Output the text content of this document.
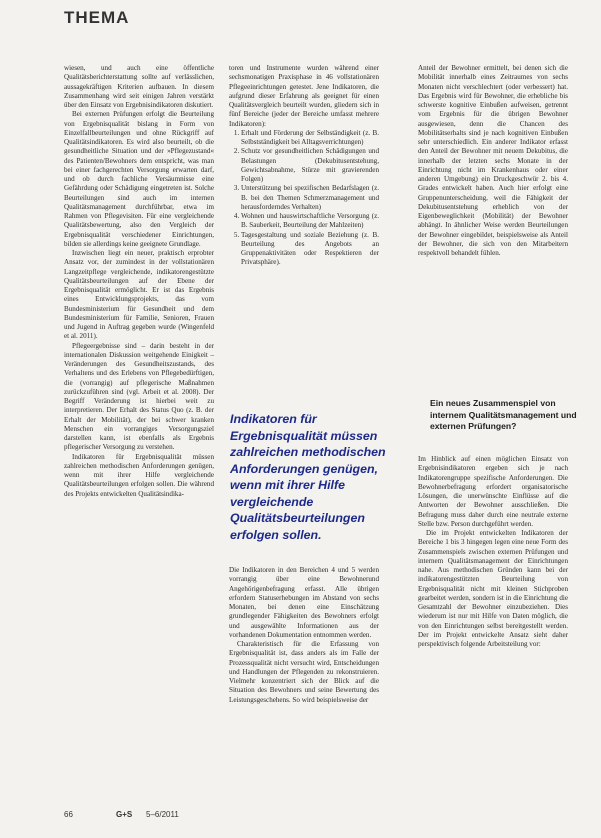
THEMA

wiesen, und auch eine öffentliche Qualitätsberichterstattung sollte auf verlässlichen, aussagekräftigen Kriterien aufbauen. In diesem Zusammenhang wird seit einigen Jahren verstärkt über den Einsatz von Ergebnisindikatoren diskutiert.

Bei externen Prüfungen erfolgt die Beurteilung von Ergebnisqualität bislang in Form von Einzelfallbeurteilungen und ohne Rückgriff auf Qualitätsindikatoren. Es wird also beurteilt, ob die gesundheitliche Situation und der »Pflegezustand« des Patienten/Bewohners dem entspricht, was man bei einer fachgerechten Versorgung erwarten darf, und ob durch fachliche Versäumnisse eine Gefährdung oder Schädigung eingetreten ist. Solche Beurteilungen sind auch im internen Qualitätsmanagement durchführbar, etwa im Rahmen von Pflegevisiten. Für eine vergleichende Qualitätsbewertung, also den Vergleich der Ergebnisqualität verschiedener Einrichtungen, bilden sie allerdings keine geeignete Grundlage.

Inzwischen liegt ein neuer, praktisch erprobter Ansatz vor, der zumindest in der vollstationären Langzeitpflege vergleichende, indikatorengestützte Qualitätsbeurteilungen auf der Ebene der Ergebnisqualität ermöglicht. Er ist das Ergebnis eines Entwicklungsprojekts, das vom Bundesministerium für Gesundheit und dem Bundesministerium für Familie, Senioren, Frauen und Jugend in Auftrag gegeben wurde (Wingenfeld et al. 2011).

Pflegeergebnisse sind – darin besteht in der internationalen Diskussion weitgehende Einigkeit – Veränderungen des Gesundheitszustands, des Verhaltens und des Erlebens von Pflegebedürftigen, die (vorrangig) auf pflegerische Maßnahmen zurückzuführen sind (vgl. Arbeit et al. 2008). Der Begriff Veränderung ist hierbei weit zu interpretieren. Der Erhalt des Status Quo (z. B. der Erhalt der Mobilität), der bei schwer kranken Menschen ein vorrangiges Versorgungsziel darstellen kann, ist ebenfalls als Ergebnis pflegerischer Versorgung zu verstehen.

Indikatoren für Ergebnisqualität müssen zahlreichen methodischen Anforderungen genügen, wenn mit ihrer Hilfe vergleichende Qualitätsbeurteilungen erfolgen sollen. Die während des Projekts entwickelten Qualitätsindika-

toren und Instrumente wurden während einer sechsmonatigen Praxisphase in 46 vollstationären Pflegeeinrichtungen getestet. Jene Indikatoren, die aufgrund dieser Erfahrung als geeignet für einen Qualitätsvergleich beurteilt wurden, gliedern sich in fünf Bereiche (jeder der Bereiche umfasst mehrere Indikatoren):

1. Erhalt und Förderung der Selbständigkeit (z. B. Selbstständigkeit bei Alltagsverrichtungen)
2. Schutz vor gesundheitlichen Schädigungen und Belastungen (Dekubitusentstehung, Gewichtsabnahme, Stürze mit gravierenden Folgen)
3. Unterstützung bei spezifischen Bedarfslagen (z. B. bei den Themen Schmerzmanagement und herausforderndes Verhalten)
4. Wohnen und hauswirtschaftliche Versorgung (z. B. Sauberkeit, Beurteilung der Mahlzeiten)
5. Tagesgestaltung und soziale Beziehung (z. B. Beurteilung des Angebots an Gruppenaktivitäten oder Respektieren der Privatsphäre).
Indikatoren für Ergebnisqualität müssen zahlreichen methodischen Anforderungen genügen, wenn mit ihrer Hilfe vergleichende Qualitätsbeurteilungen erfolgen sollen.

Die Indikatoren in den Bereichen 4 und 5 werden vorrangig über eine Bewohnerund Angehörigenbefragung erfasst. Alle übrigen erfordern Statuserhebungen im Abstand von sechs Monaten, bei denen eine Einschätzung grundlegender Fähigkeiten des Bewohners erfolgt und ausgewählte Informationen aus der vorhandenen Dokumentation entnommen werden.

Charakteristisch für die Erfassung von Ergebnisqualität ist, dass anders als im Falle der Prozessqualität nicht versucht wird, Entscheidungen und Handlungen der Pflegenden zu rekonstruieren. Vielmehr konzentriert sich der Blick auf die Situation des Bewohners und seine Bewertung des Leistungsgeschehens. So wird beispielsweise der

Anteil der Bewohner ermittelt, bei denen sich die Mobilität innerhalb eines Zeitraumes von sechs Monaten nicht verschlechtert (oder verbessert) hat. Das Ergebnis wird für Bewohner, die erhebliche bis schwerste kognitive Einbußen aufweisen, getrennt vom Ergebnis für die übrigen Bewohner ausgewiesen, denn die Chancen des Mobilitätserhalts sind je nach kognitiven Einbußen sehr unterschiedlich. Ein anderer Indikator erfasst den Anteil der Bewohner mit neuem Dekubitus, die innerhalb der letzten sechs Monate in der Einrichtung nicht im Krankenhaus oder einer anderen Umgebung) ein Druckgeschwür 2. bis 4. Grades entwickelt haben. Auch hier erfolgt eine Gruppenunterscheidung, weil die Fähigkeit der Dekubitusentstehung erheblich von der Eigenbeweglichkeit (Mobilität) der Bewohner abhängt. In ähnlicher Weise werden Beurteilungen der Bewohner eingebildet, beispielsweise als Anteil der Bewohner, die sich von den Mitarbeitern respektvoll behandelt fühlen.

Ein neues Zusammenspiel von internem Qualitätsmanagement und externen Prüfungen?

Im Hinblick auf einen möglichen Einsatz von Ergebnisindikatoren ergeben sich je nach Indikatorengruppe spezifische Anforderungen. Die Bewohnerbefragung erfordert organisatorische Lösungen, die unerwünschte Einflüsse auf die Antworten der Bewohner ausschließen. Die Befragung muss daher durch eine neutrale externe Stelle bzw. Person durchgeführt werden.

Die im Projekt entwickelten Indikatoren der Bereiche 1 bis 3 hingegen legen eine neue Form des Zusammenspiels zwischen externen Prüfungen und internem Qualitätsmanagement der Einrichtungen nahe. Aus methodischen Gründen kann bei der indikatorengestützten Beurteilung von Ergebnisqualität nicht mit kleinen Stichproben gearbeitet werden, sondern ist in die Einrichtung die Gesamtzahl der Bewohner einzubeziehen. Dies wiederum ist nur mit Hilfe von Daten möglich, die von den Einrichtungen selbst bereitgestellt werden. Der im Projekt entwickelte Ansatz sieht daher perspektivisch folgende Arbeitsteilung vor:

66	G+S 5–6/2011
